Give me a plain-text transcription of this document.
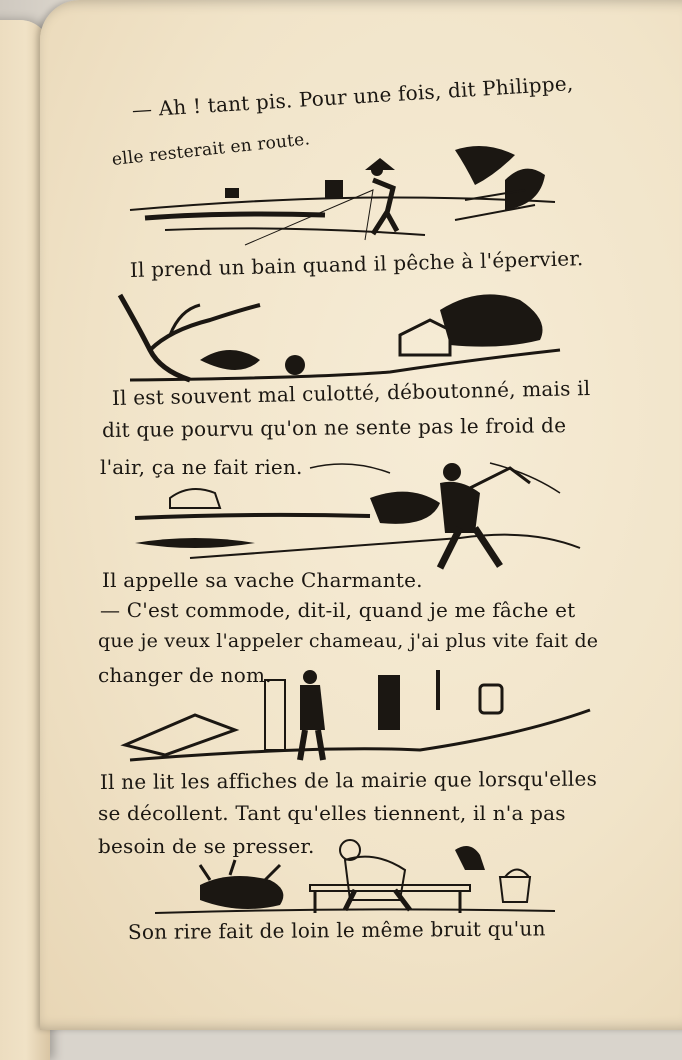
— Ah ! tant pis. Pour une fois, dit Philippe,

elle resterait en route.

Il prend un bain quand il pêche à l'épervier.

Il est souvent mal culotté, déboutonné, mais il

dit que pourvu qu'on ne sente pas le froid de

l'air, ça ne fait rien.

Il appelle sa vache Charmante.

— C'est commode, dit-il, quand je me fâche et

que je veux l'appeler chameau, j'ai plus vite fait de

changer de nom.

Il ne lit les affiches de la mairie que lorsqu'elles

se décollent. Tant qu'elles tiennent, il n'a pas

besoin de se presser.

Son rire fait de loin le même bruit qu'un
